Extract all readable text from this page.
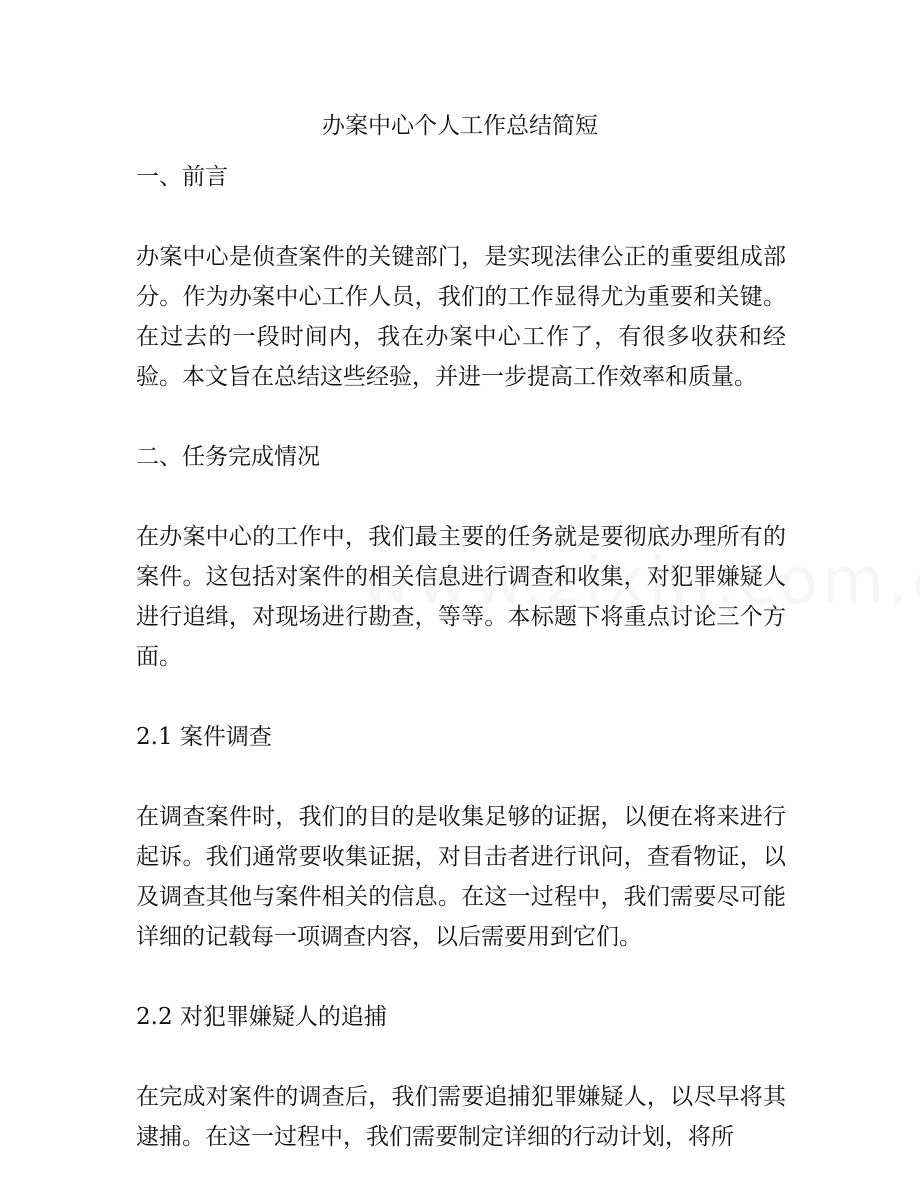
办案中心个人工作总结简短
一、前言

办案中心是侦查案件的关键部门，是实现法律公正的重要组成部分。作为办案中心工作人员，我们的工作显得尤为重要和关键。在过去的一段时间内，我在办案中心工作了，有很多收获和经验。本文旨在总结这些经验，并进一步提高工作效率和质量。

二、任务完成情况

在办案中心的工作中，我们最主要的任务就是要彻底办理所有的案件。这包括对案件的相关信息进行调查和收集，对犯罪嫌疑人进行追缉，对现场进行勘查，等等。本标题下将重点讨论三个方面。

2.1 案件调查

在调查案件时，我们的目的是收集足够的证据，以便在将来进行起诉。我们通常要收集证据，对目击者进行讯问，查看物证，以及调查其他与案件相关的信息。在这一过程中，我们需要尽可能详细的记载每一项调查内容，以后需要用到它们。

2.2 对犯罪嫌疑人的追捕

在完成对案件的调查后，我们需要追捕犯罪嫌疑人，以尽早将其逮捕。在这一过程中，我们需要制定详细的行动计划，将所
